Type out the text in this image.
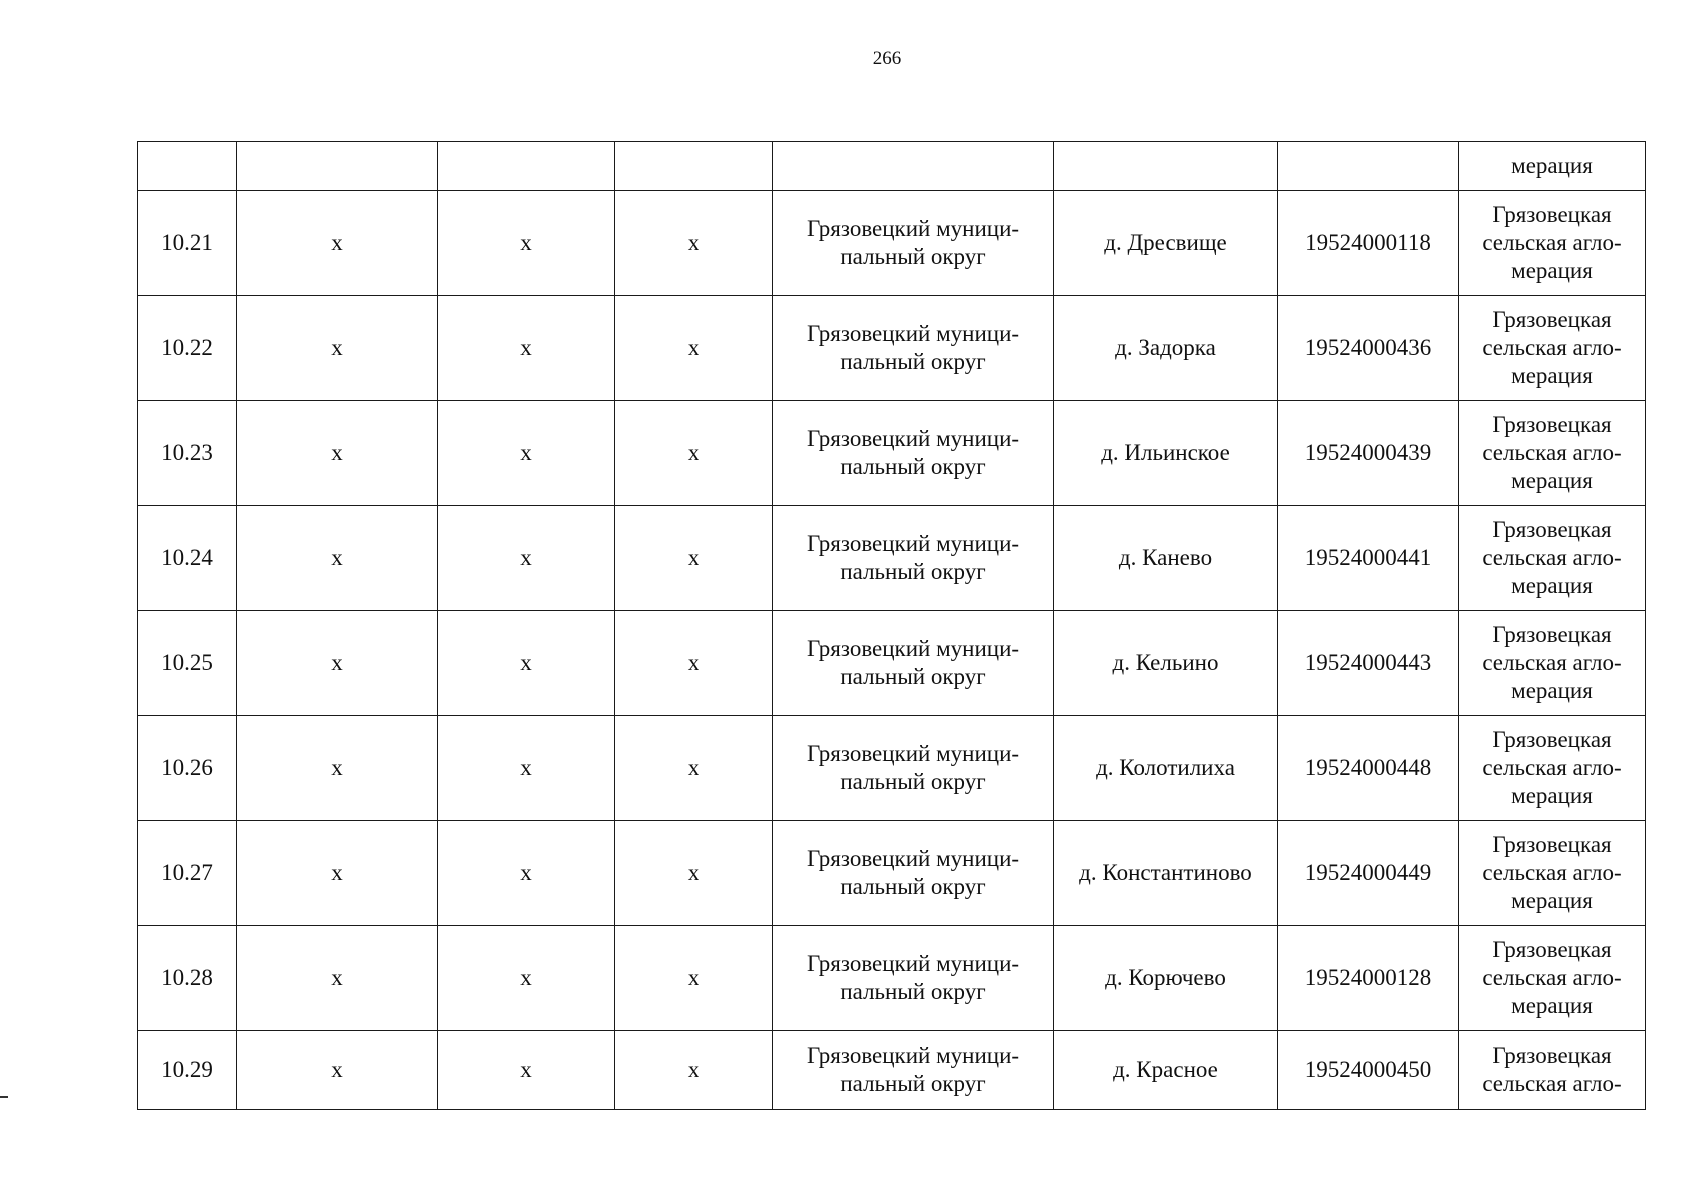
266
							мерация
10.21	х	х	х	Грязовецкий муници-пальный округ	д. Дресвище	19524000118	Грязовецкая сельская агло-мерация
10.22	х	х	х	Грязовецкий муници-пальный округ	д. Задорка	19524000436	Грязовецкая сельская агло-мерация
10.23	х	х	х	Грязовецкий муници-пальный округ	д. Ильинское	19524000439	Грязовецкая сельская агло-мерация
10.24	х	х	х	Грязовецкий муници-пальный округ	д. Канево	19524000441	Грязовецкая сельская агло-мерация
10.25	х	х	х	Грязовецкий муници-пальный округ	д. Кельино	19524000443	Грязовецкая сельская агло-мерация
10.26	х	х	х	Грязовецкий муници-пальный округ	д. Колотилиха	19524000448	Грязовецкая сельская агло-мерация
10.27	х	х	х	Грязовецкий муници-пальный округ	д. Константиново	19524000449	Грязовецкая сельская агло-мерация
10.28	х	х	х	Грязовецкий муници-пальный округ	д. Корючево	19524000128	Грязовецкая сельская агло-мерация
10.29	х	х	х	Грязовецкий муници-пальный округ	д. Красное	19524000450	Грязовецкая сельская агло-
